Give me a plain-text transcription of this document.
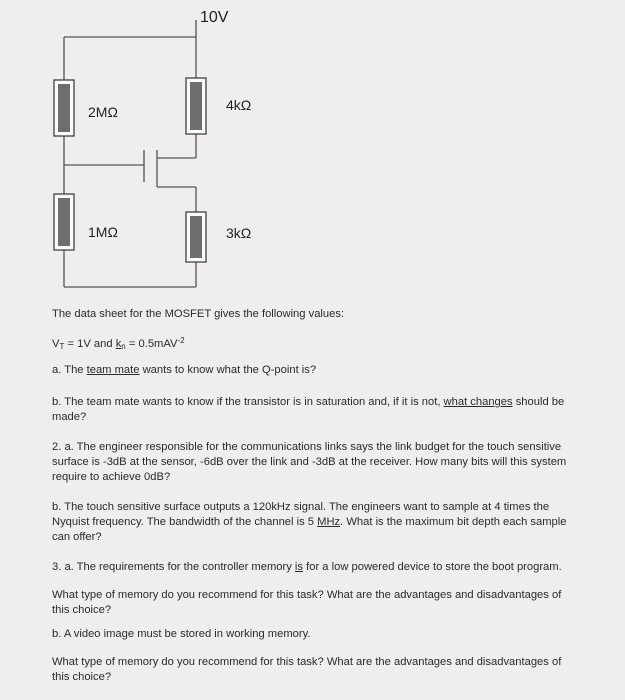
10V
2MΩ
1MΩ
4kΩ
3kΩ
The data sheet for the MOSFET gives the following values:
$V_T = 1V$ and $k_n = 0.5mAV^{-2}$
a. The team mate wants to know what the Q-point is?
b. The team mate wants to know if the transistor is in saturation and, if it is not, what changes should be made?
2. a. The engineer responsible for the communications links says the link budget for the touch sensitive surface is -3dB at the sensor, -6dB over the link and -3dB at the receiver. How many bits will this system require to achieve 0dB?
b. The touch sensitive surface outputs a 120kHz signal. The engineers want to sample at 4 times the Nyquist frequency. The bandwidth of the channel is 5 MHz. What is the maximum bit depth each sample can offer?
3. a. The requirements for the controller memory is for a low powered device to store the boot program.
What type of memory do you recommend for this task? What are the advantages and disadvantages of this choice?
b. A video image must be stored in working memory.
What type of memory do you recommend for this task? What are the advantages and disadvantages of this choice?
